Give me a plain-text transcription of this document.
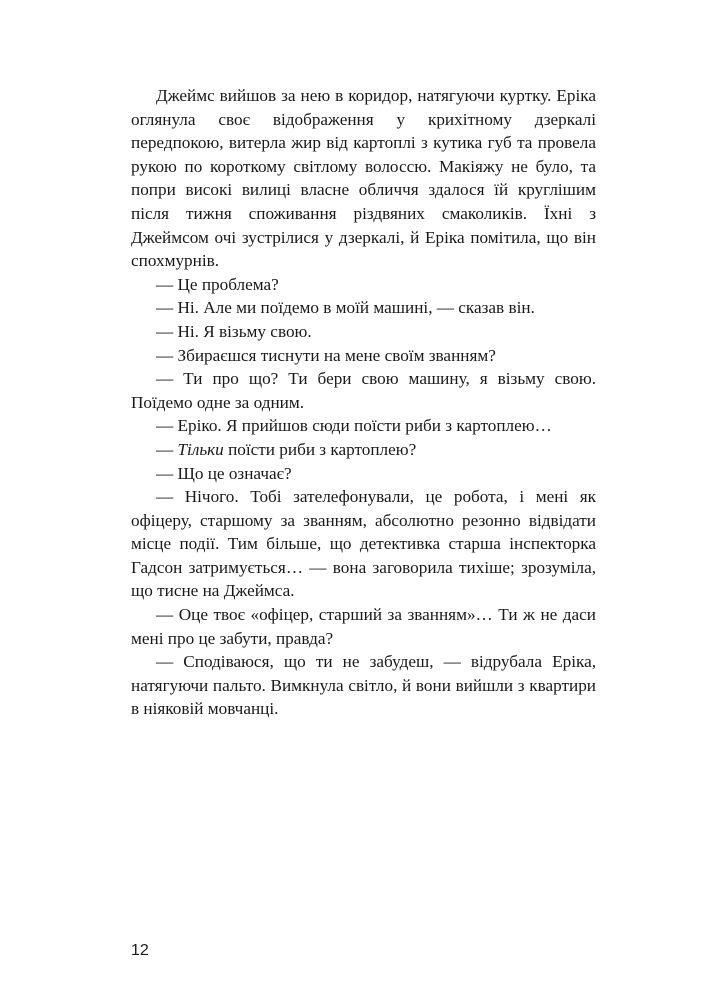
Джеймс вийшов за нею в коридор, натягуючи куртку. Еріка оглянула своє відображення у крихітному дзеркалі передпокою, витерла жир від картоплі з кутика губ та провела рукою по короткому світлому волоссю. Макіяжу не було, та попри високі вилиці власне обличчя здалося їй круглішим після тижня споживання різдвяних смаколиків. Їхні з Джеймсом очі зустрілися у дзеркалі, й Еріка помітила, що він спохмурнів.

— Це проблема?

— Ні. Але ми поїдемо в моїй машині, — сказав він.

— Ні. Я візьму свою.

— Збираєшся тиснути на мене своїм званням?

— Ти про що? Ти бери свою машину, я візьму свою. Поїдемо одне за одним.

— Еріко. Я прийшов сюди поїсти риби з картоплею…

— Тільки поїсти риби з картоплею?

— Що це означає?

— Нічого. Тобі зателефонували, це робота, і мені як офіцеру, старшому за званням, абсолютно резонно відвідати місце події. Тим більше, що детективка старша інспекторка Гадсон затримується… — вона заговорила тихіше; зрозуміла, що тисне на Джеймса.

— Оце твоє «офіцер, старший за званням»… Ти ж не даси мені про це забути, правда?

— Сподіваюся, що ти не забудеш, — відрубала Еріка, натягуючи пальто. Вимкнула світло, й вони вийшли з квартири в ніяковій мовчанці.

12
